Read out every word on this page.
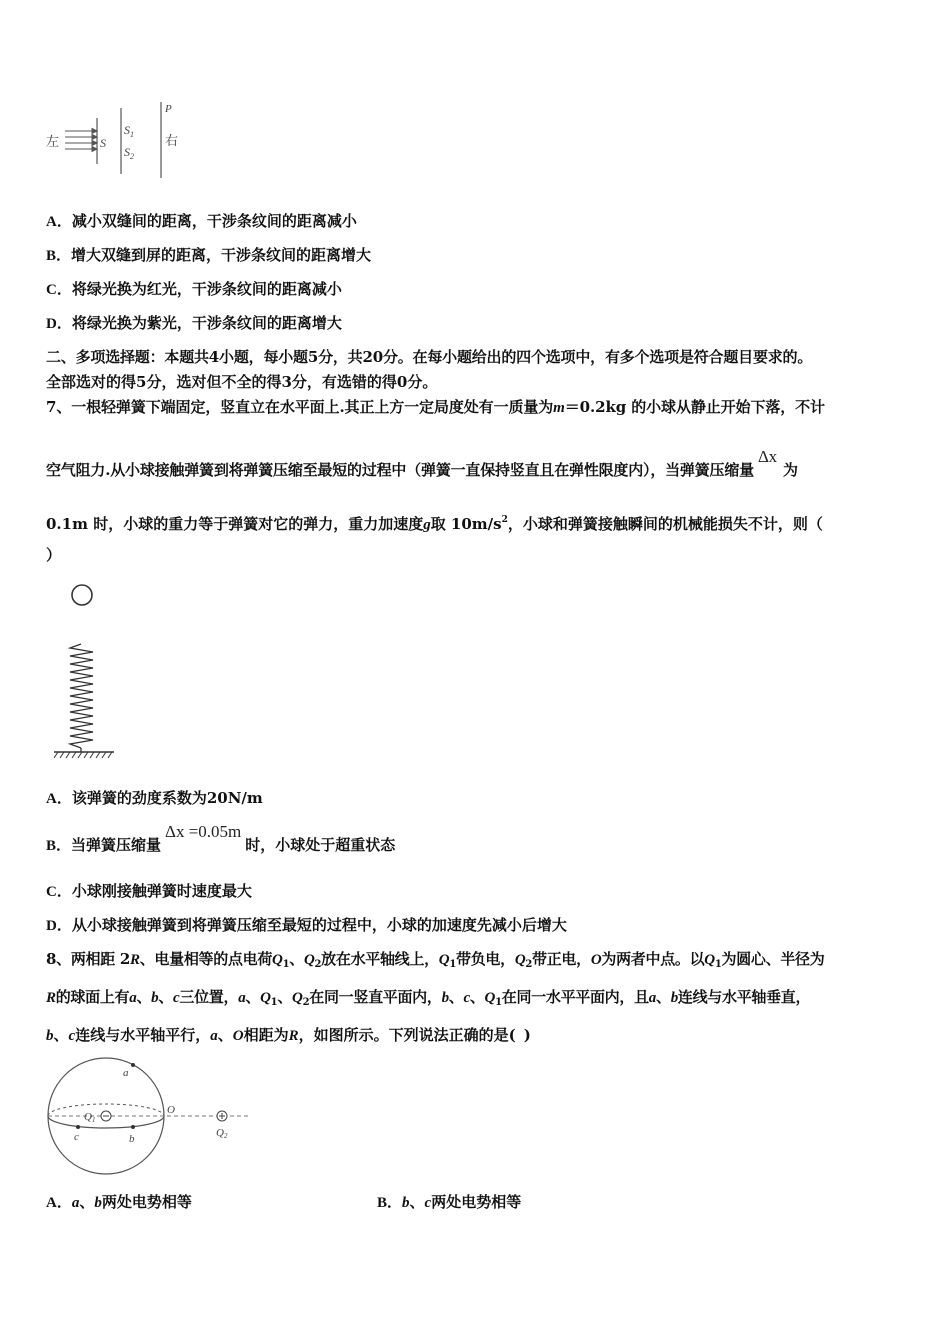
左	S
$S_1$
$S_2$
P
右
A．减小双缝间的距离，干涉条纹间的距离减小
B．增大双缝到屏的距离，干涉条纹间的距离增大
C．将绿光换为红光，干涉条纹间的距离减小
D．将绿光换为紫光，干涉条纹间的距离增大
二、多项选择题：本题共4小题，每小题5分，共20分。在每小题给出的四个选项中，有多个选项是符合题目要求的。
全部选对的得5分，选对但不全的得3分，有选错的得0分。
7、一根轻弹簧下端固定，竖直立在水平面上.其正上方一定局度处有一质量为m＝0.2kg 的小球从静止开始下落，不计
空气阻力.从小球接触弹簧到将弹簧压缩至最短的过程中（弹簧一直保持竖直且在弹性限度内），当弹簧压缩量Δx为
0.1m 时，小球的重力等于弹簧对它的弹力，重力加速度g取 $10m/s^2$，小球和弹簧接触瞬间的机械能损失不计，则（
）
A．该弹簧的劲度系数为20N/m
B．当弹簧压缩量Δx =0.05m时，小球处于超重状态
C．小球刚接触弹簧时速度最大
D．从小球接触弹簧到将弹簧压缩至最短的过程中，小球的加速度先减小后增大
8、两相距 2R、电量相等的点电荷$Q_1$、$Q_2$放在水平轴线上，$Q_1$带负电，$Q_2$带正电，O为两者中点。以$Q_1$为圆心、半径为
R的球面上有a、b、c三位置，a、$Q_1$、$Q_2$在同一竖直平面内，b、c、$Q_1$在同一水平平面内，且a、b连线与水平轴垂直，
b、c连线与水平轴平行，a、O相距为R，如图所示。下列说法正确的是( )
a
Q1
O
Q2
c	b
A．a、b两处电势相等	B．b、c两处电势相等
